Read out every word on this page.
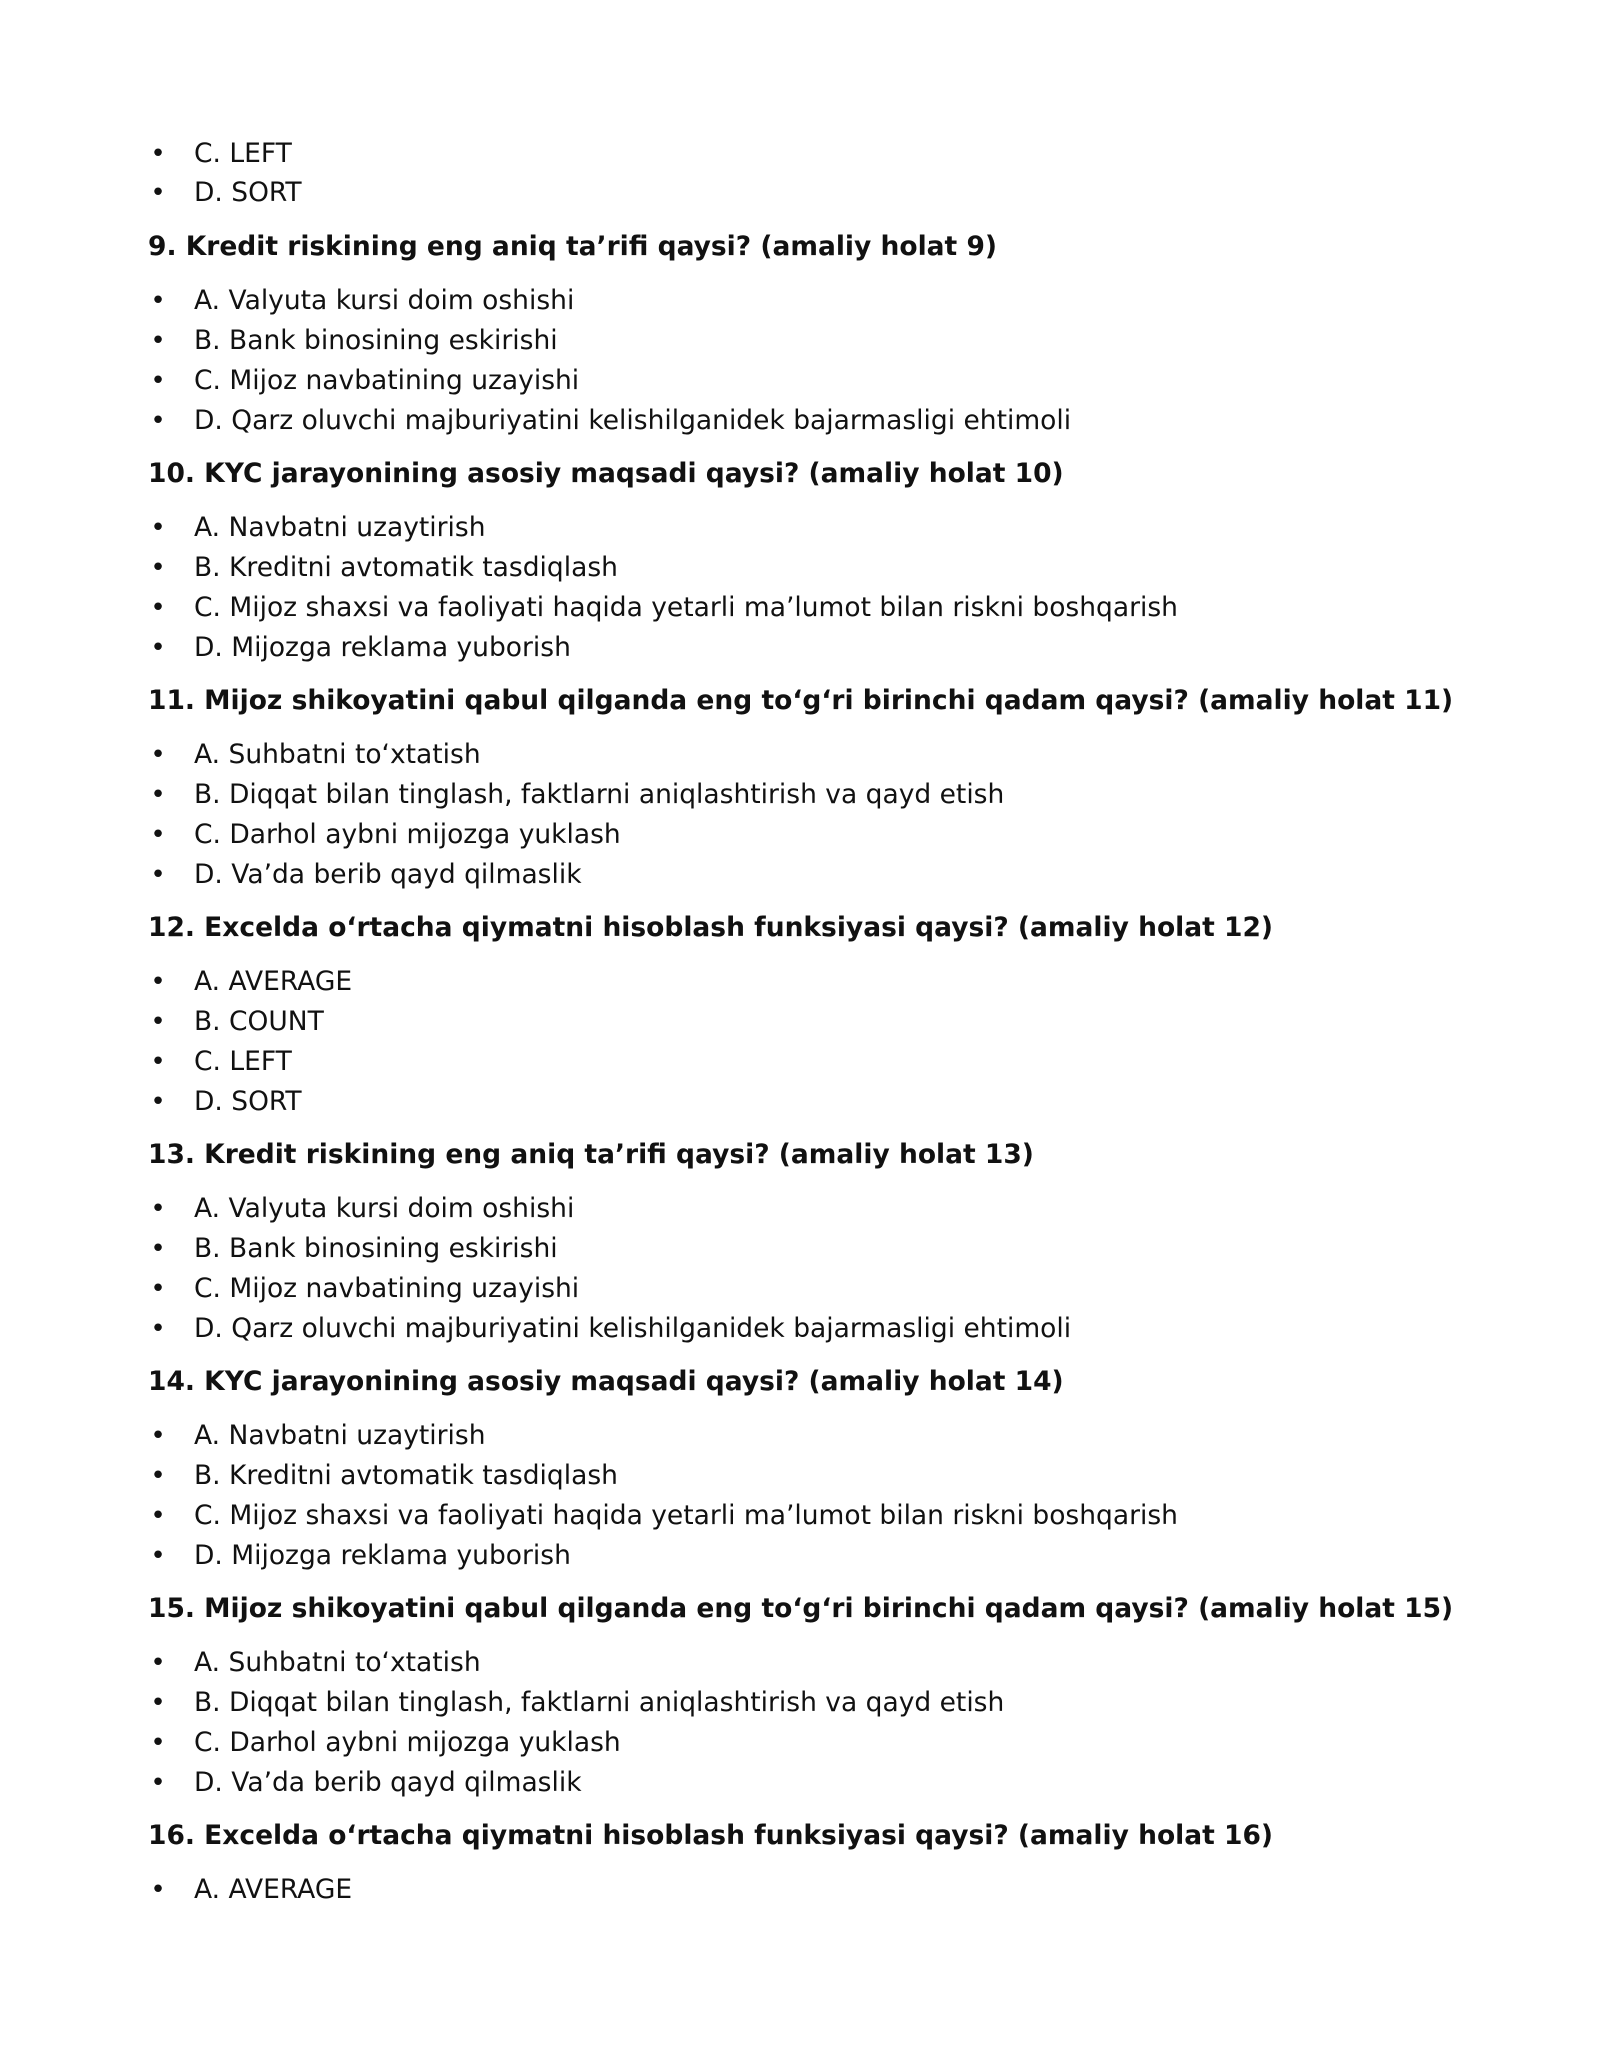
• C. LEFT
• D. SORT
9. Kredit riskining eng aniq ta’rifi qaysi? (amaliy holat 9)
• A. Valyuta kursi doim oshishi
• B. Bank binosining eskirishi
• C. Mijoz navbatining uzayishi
• D. Qarz oluvchi majburiyatini kelishilganidek bajarmasligi ehtimoli
10. KYC jarayonining asosiy maqsadi qaysi? (amaliy holat 10)
• A. Navbatni uzaytirish
• B. Kreditni avtomatik tasdiqlash
• C. Mijoz shaxsi va faoliyati haqida yetarli ma’lumot bilan riskni boshqarish
• D. Mijozga reklama yuborish
11. Mijoz shikoyatini qabul qilganda eng to‘g‘ri birinchi qadam qaysi? (amaliy holat 11)
• A. Suhbatni to‘xtatish
• B. Diqqat bilan tinglash, faktlarni aniqlashtirish va qayd etish
• C. Darhol aybni mijozga yuklash
• D. Va’da berib qayd qilmaslik
12. Excelda o‘rtacha qiymatni hisoblash funksiyasi qaysi? (amaliy holat 12)
• A. AVERAGE
• B. COUNT
• C. LEFT
• D. SORT
13. Kredit riskining eng aniq ta’rifi qaysi? (amaliy holat 13)
• A. Valyuta kursi doim oshishi
• B. Bank binosining eskirishi
• C. Mijoz navbatining uzayishi
• D. Qarz oluvchi majburiyatini kelishilganidek bajarmasligi ehtimoli
14. KYC jarayonining asosiy maqsadi qaysi? (amaliy holat 14)
• A. Navbatni uzaytirish
• B. Kreditni avtomatik tasdiqlash
• C. Mijoz shaxsi va faoliyati haqida yetarli ma’lumot bilan riskni boshqarish
• D. Mijozga reklama yuborish
15. Mijoz shikoyatini qabul qilganda eng to‘g‘ri birinchi qadam qaysi? (amaliy holat 15)
• A. Suhbatni to‘xtatish
• B. Diqqat bilan tinglash, faktlarni aniqlashtirish va qayd etish
• C. Darhol aybni mijozga yuklash
• D. Va’da berib qayd qilmaslik
16. Excelda o‘rtacha qiymatni hisoblash funksiyasi qaysi? (amaliy holat 16)
• A. AVERAGE
